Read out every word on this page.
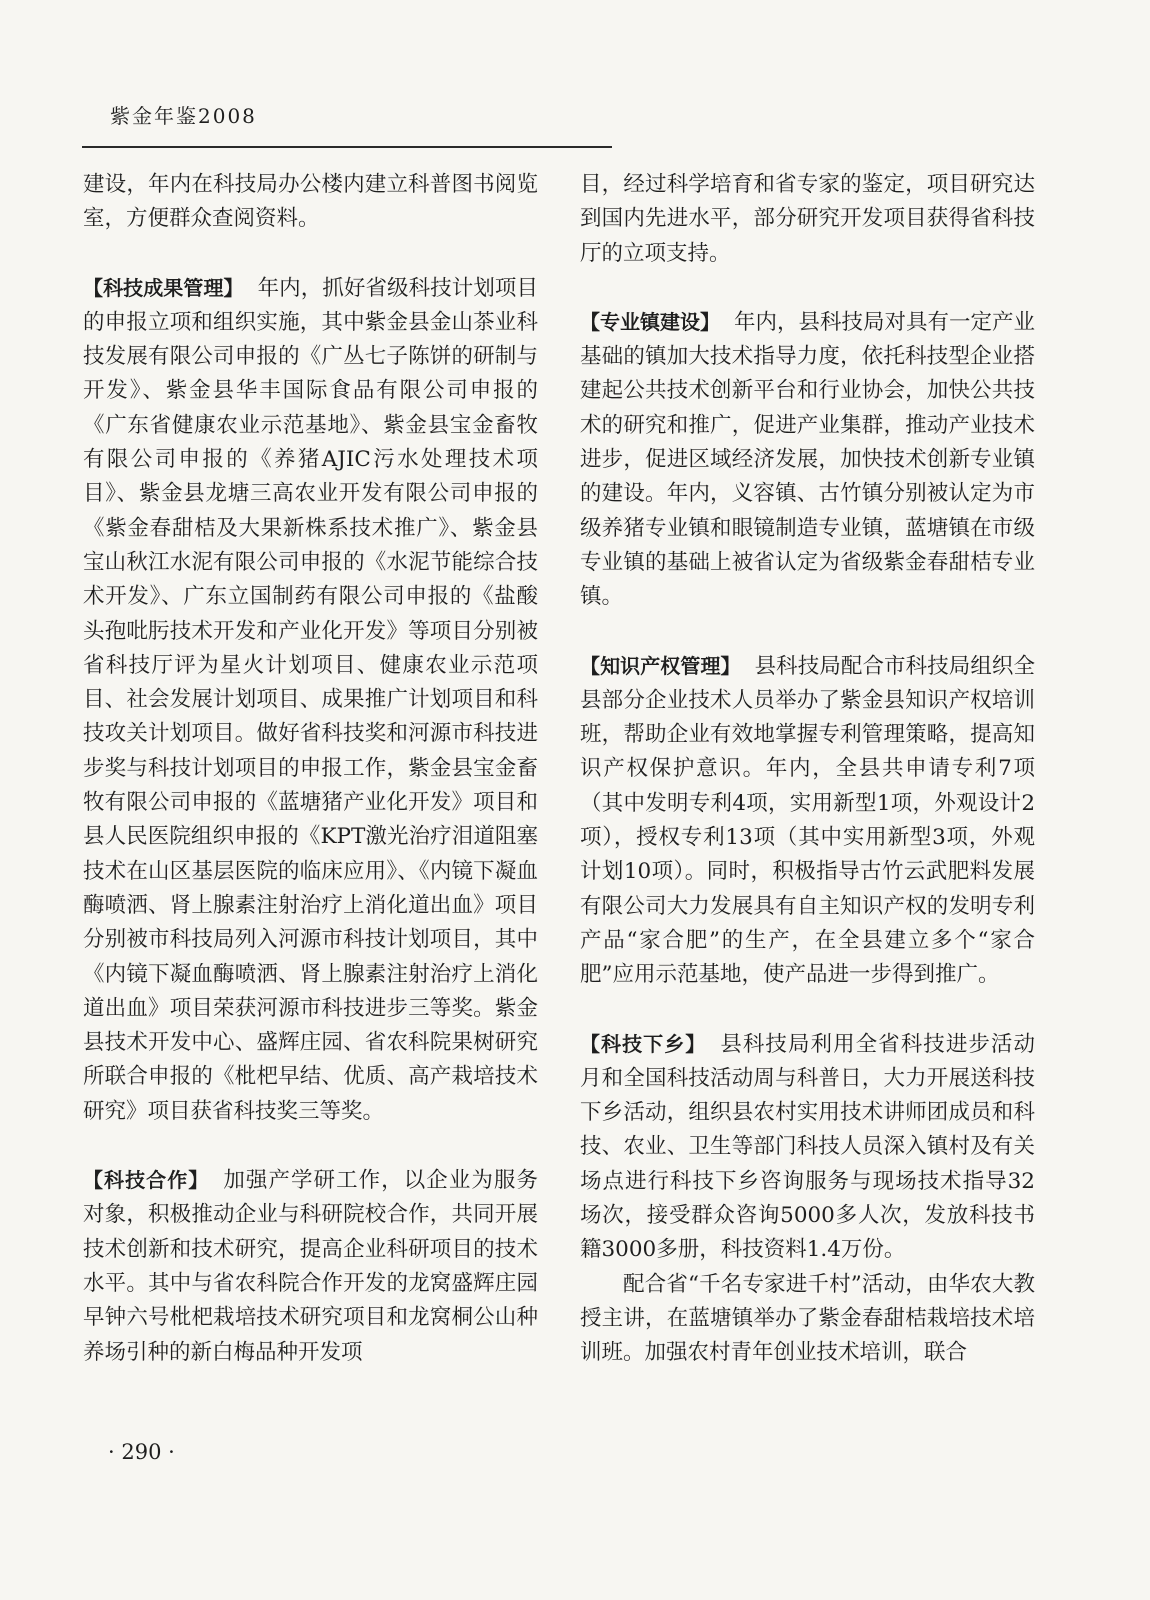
紫金年鉴2008

建设，年内在科技局办公楼内建立科普图书阅览室，方便群众查阅资料。

【科技成果管理】 年内，抓好省级科技计划项目的申报立项和组织实施，其中紫金县金山茶业科技发展有限公司申报的《广丛七子陈饼的研制与开发》、紫金县华丰国际食品有限公司申报的《广东省健康农业示范基地》、紫金县宝金畜牧有限公司申报的《养猪AJIC污水处理技术项目》、紫金县龙塘三高农业开发有限公司申报的《紫金春甜桔及大果新株系技术推广》、紫金县宝山秋江水泥有限公司申报的《水泥节能综合技术开发》、广东立国制药有限公司申报的《盐酸头孢吡肟技术开发和产业化开发》等项目分别被省科技厅评为星火计划项目、健康农业示范项目、社会发展计划项目、成果推广计划项目和科技攻关计划项目。做好省科技奖和河源市科技进步奖与科技计划项目的申报工作，紫金县宝金畜牧有限公司申报的《蓝塘猪产业化开发》项目和县人民医院组织申报的《KPT激光治疗泪道阻塞技术在山区基层医院的临床应用》、《内镜下凝血酶喷洒、肾上腺素注射治疗上消化道出血》项目分别被市科技局列入河源市科技计划项目，其中《内镜下凝血酶喷洒、肾上腺素注射治疗上消化道出血》项目荣获河源市科技进步三等奖。紫金县技术开发中心、盛辉庄园、省农科院果树研究所联合申报的《枇杷早结、优质、高产栽培技术研究》项目获省科技奖三等奖。

【科技合作】 加强产学研工作，以企业为服务对象，积极推动企业与科研院校合作，共同开展技术创新和技术研究，提高企业科研项目的技术水平。其中与省农科院合作开发的龙窝盛辉庄园早钟六号枇杷栽培技术研究项目和龙窝桐公山种养场引种的新白梅品种开发项

目，经过科学培育和省专家的鉴定，项目研究达到国内先进水平，部分研究开发项目获得省科技厅的立项支持。

【专业镇建设】 年内，县科技局对具有一定产业基础的镇加大技术指导力度，依托科技型企业搭建起公共技术创新平台和行业协会，加快公共技术的研究和推广，促进产业集群，推动产业技术进步，促进区域经济发展，加快技术创新专业镇的建设。年内，义容镇、古竹镇分别被认定为市级养猪专业镇和眼镜制造专业镇，蓝塘镇在市级专业镇的基础上被省认定为省级紫金春甜桔专业镇。

【知识产权管理】 县科技局配合市科技局组织全县部分企业技术人员举办了紫金县知识产权培训班，帮助企业有效地掌握专利管理策略，提高知识产权保护意识。年内，全县共申请专利7项（其中发明专利4项，实用新型1项，外观设计2项），授权专利13项（其中实用新型3项，外观计划10项）。同时，积极指导古竹云武肥料发展有限公司大力发展具有自主知识产权的发明专利产品“家合肥”的生产，在全县建立多个“家合肥”应用示范基地，使产品进一步得到推广。

【科技下乡】 县科技局利用全省科技进步活动月和全国科技活动周与科普日，大力开展送科技下乡活动，组织县农村实用技术讲师团成员和科技、农业、卫生等部门科技人员深入镇村及有关场点进行科技下乡咨询服务与现场技术指导32场次，接受群众咨询5000多人次，发放科技书籍3000多册，科技资料1.4万份。

配合省“千名专家进千村”活动，由华农大教授主讲，在蓝塘镇举办了紫金春甜桔栽培技术培训班。加强农村青年创业技术培训，联合

· 290 ·
